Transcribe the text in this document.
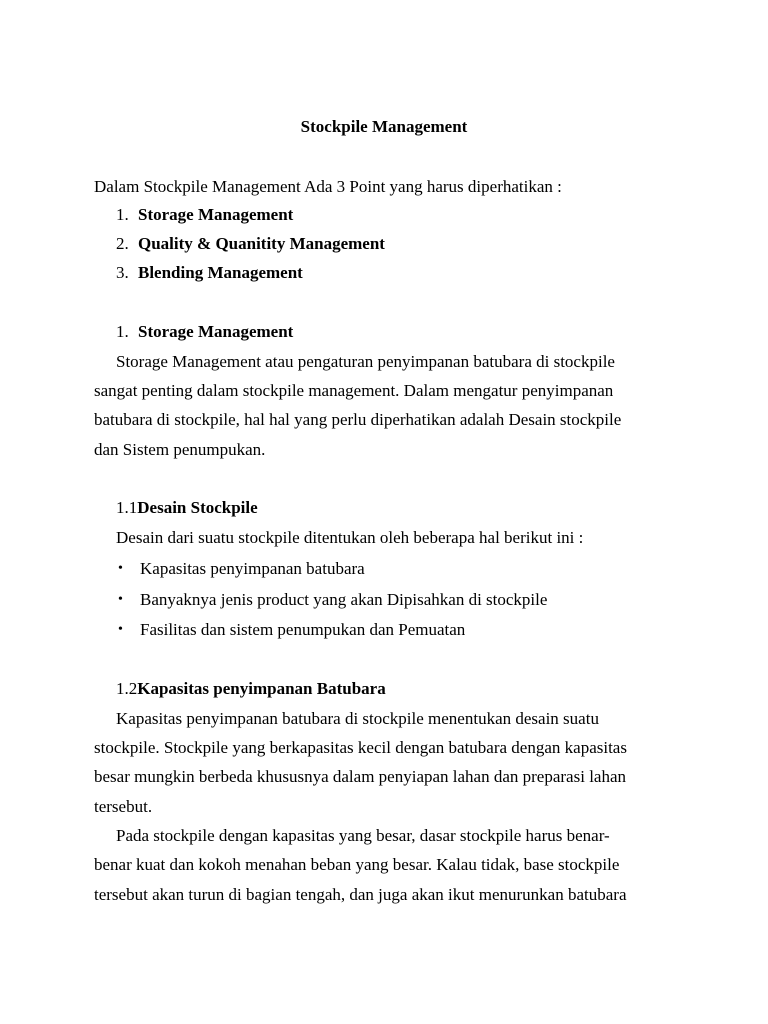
Stockpile Management
Dalam Stockpile Management Ada 3 Point yang harus diperhatikan :
1. Storage Management
2. Quality & Quanitity Management
3. Blending Management
1. Storage Management
Storage Management atau pengaturan penyimpanan batubara di stockpile
sangat penting dalam stockpile management. Dalam mengatur penyimpanan
batubara di stockpile, hal hal yang perlu diperhatikan adalah Desain stockpile
dan Sistem penumpukan.
1.1Desain Stockpile
Desain dari suatu stockpile ditentukan oleh beberapa hal berikut ini :
• Kapasitas penyimpanan batubara
• Banyaknya jenis product yang akan Dipisahkan di stockpile
• Fasilitas dan sistem penumpukan dan Pemuatan
1.2Kapasitas penyimpanan Batubara
Kapasitas penyimpanan batubara di stockpile menentukan desain suatu
stockpile. Stockpile yang berkapasitas kecil dengan batubara dengan kapasitas
besar mungkin berbeda khususnya dalam penyiapan lahan dan preparasi lahan
tersebut.
Pada stockpile dengan kapasitas yang besar, dasar stockpile harus benar-
benar kuat dan kokoh menahan beban yang besar. Kalau tidak, base stockpile
tersebut akan turun di bagian tengah, dan juga akan ikut menurunkan batubara
